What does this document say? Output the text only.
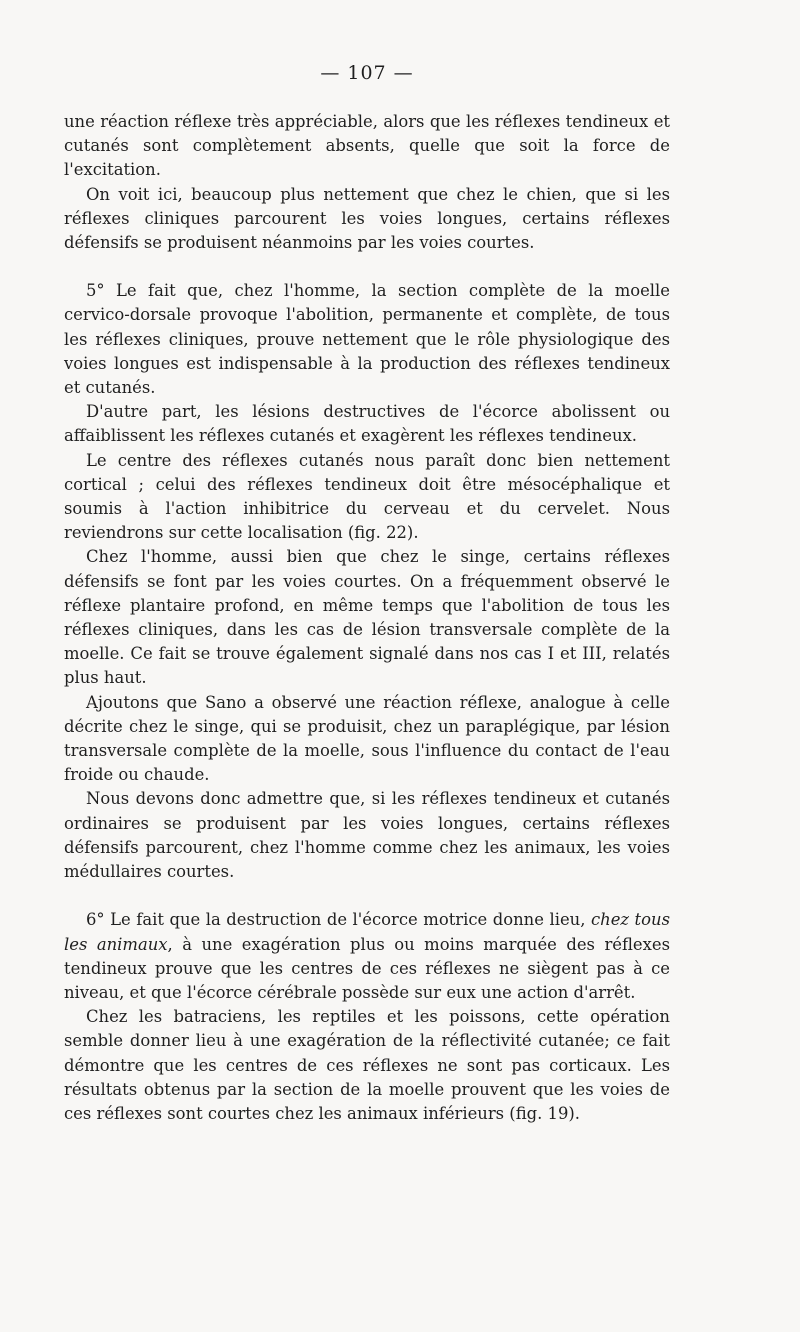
— 107 —

une réaction réflexe très appréciable, alors que les réflexes tendineux et cutanés sont complètement absents, quelle que soit la force de l'excitation.

On voit ici, beaucoup plus nettement que chez le chien, que si les réflexes cliniques parcourent les voies longues, certains réflexes défensifs se produisent néanmoins par les voies courtes.

5° Le fait que, chez l'homme, la section complète de la moelle cervico-dorsale provoque l'abolition, permanente et complète, de tous les réflexes cliniques, prouve nettement que le rôle physiologique des voies longues est indispensable à la production des réflexes tendineux et cutanés.

D'autre part, les lésions destructives de l'écorce abolissent ou affaiblissent les réflexes cutanés et exagèrent les réflexes tendineux.

Le centre des réflexes cutanés nous paraît donc bien nettement cortical ; celui des réflexes tendineux doit être mésocéphalique et soumis à l'action inhibitrice du cerveau et du cervelet. Nous reviendrons sur cette localisation (fig. 22).

Chez l'homme, aussi bien que chez le singe, certains réflexes défensifs se font par les voies courtes. On a fréquemment observé le réflexe plantaire profond, en même temps que l'abolition de tous les réflexes cliniques, dans les cas de lésion transversale complète de la moelle. Ce fait se trouve également signalé dans nos cas I et III, relatés plus haut.

Ajoutons que Sano a observé une réaction réflexe, analogue à celle décrite chez le singe, qui se produisit, chez un paraplégique, par lésion transversale complète de la moelle, sous l'influence du contact de l'eau froide ou chaude.

Nous devons donc admettre que, si les réflexes tendineux et cutanés ordinaires se produisent par les voies longues, certains réflexes défensifs parcourent, chez l'homme comme chez les animaux, les voies médullaires courtes.

6° Le fait que la destruction de l'écorce motrice donne lieu, chez tous les animaux, à une exagération plus ou moins marquée des réflexes tendineux prouve que les centres de ces réflexes ne siègent pas à ce niveau, et que l'écorce cérébrale possède sur eux une action d'arrêt.

Chez les batraciens, les reptiles et les poissons, cette opération semble donner lieu à une exagération de la réflectivité cutanée; ce fait démontre que les centres de ces réflexes ne sont pas corticaux. Les résultats obtenus par la section de la moelle prouvent que les voies de ces réflexes sont courtes chez les animaux inférieurs (fig. 19).
